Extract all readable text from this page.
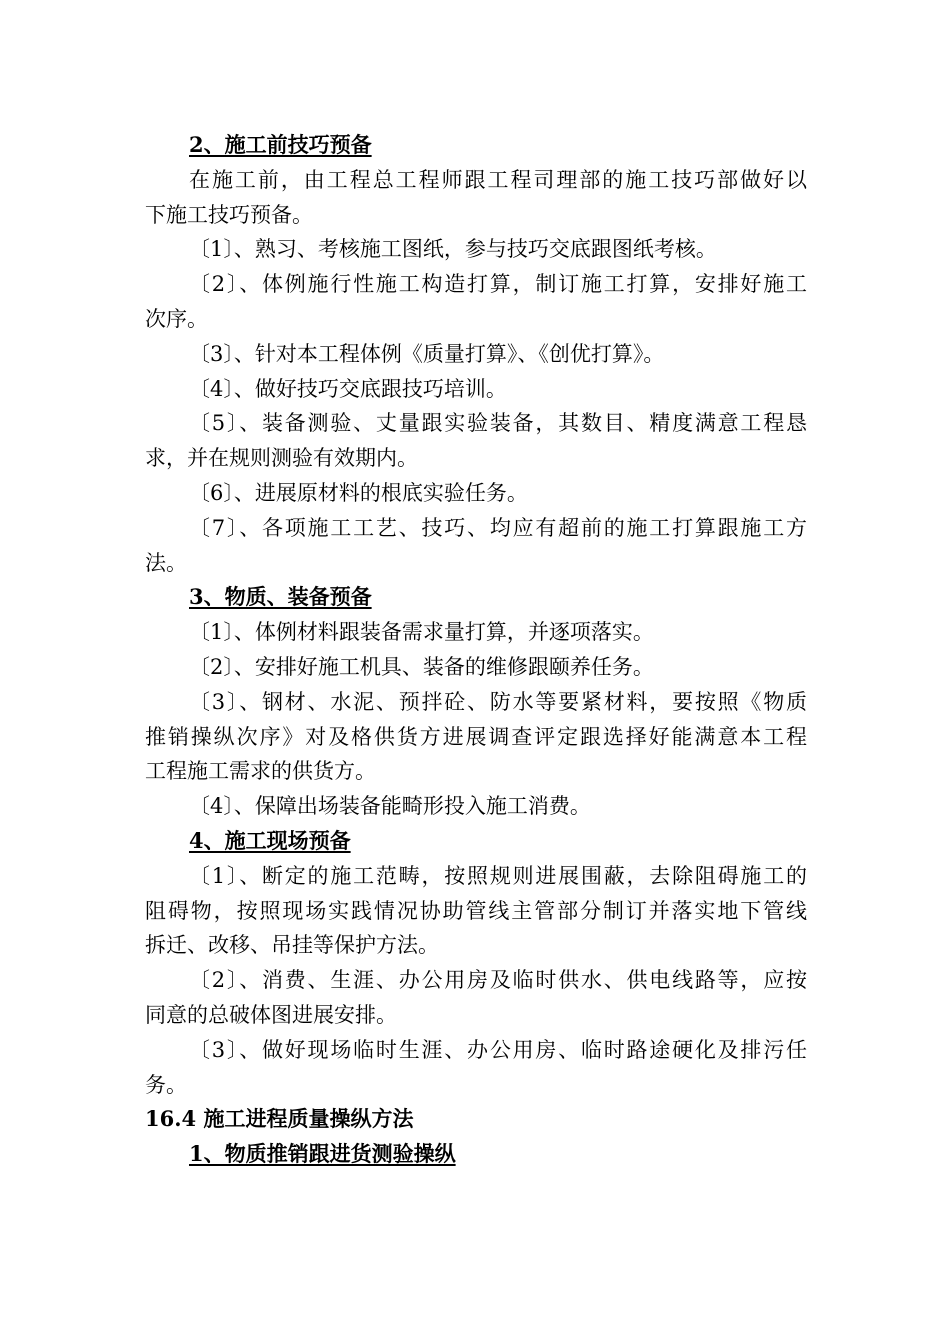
2、施工前技巧预备
在施工前，由工程总工程师跟工程司理部的施工技巧部做好以
下施工技巧预备。
〔1〕、熟习、考核施工图纸，参与技巧交底跟图纸考核。
〔2〕、体例施行性施工构造打算，制订施工打算，安排好施工
次序。
〔3〕、针对本工程体例《质量打算》、《创优打算》。
〔4〕、做好技巧交底跟技巧培训。
〔5〕、装备测验、丈量跟实验装备，其数目、精度满意工程恳
求，并在规则测验有效期内。
〔6〕、进展原材料的根底实验任务。
〔7〕、各项施工工艺、技巧、均应有超前的施工打算跟施工方
法。
3、物质、装备预备
〔1〕、体例材料跟装备需求量打算，并逐项落实。
〔2〕、安排好施工机具、装备的维修跟颐养任务。
〔3〕、钢材、水泥、预拌砼、防水等要紧材料，要按照《物质
推销操纵次序》对及格供货方进展调查评定跟选择好能满意本工程
工程施工需求的供货方。
〔4〕、保障出场装备能畸形投入施工消费。
4、施工现场预备
〔1〕、断定的施工范畴，按照规则进展围蔽，去除阻碍施工的
阻碍物，按照现场实践情况协助管线主管部分制订并落实地下管线
拆迁、改移、吊挂等保护方法。
〔2〕、消费、生涯、办公用房及临时供水、供电线路等，应按
同意的总破体图进展安排。
〔3〕、做好现场临时生涯、办公用房、临时路途硬化及排污任
务。
16.4 施工进程质量操纵方法
1、物质推销跟进货测验操纵
